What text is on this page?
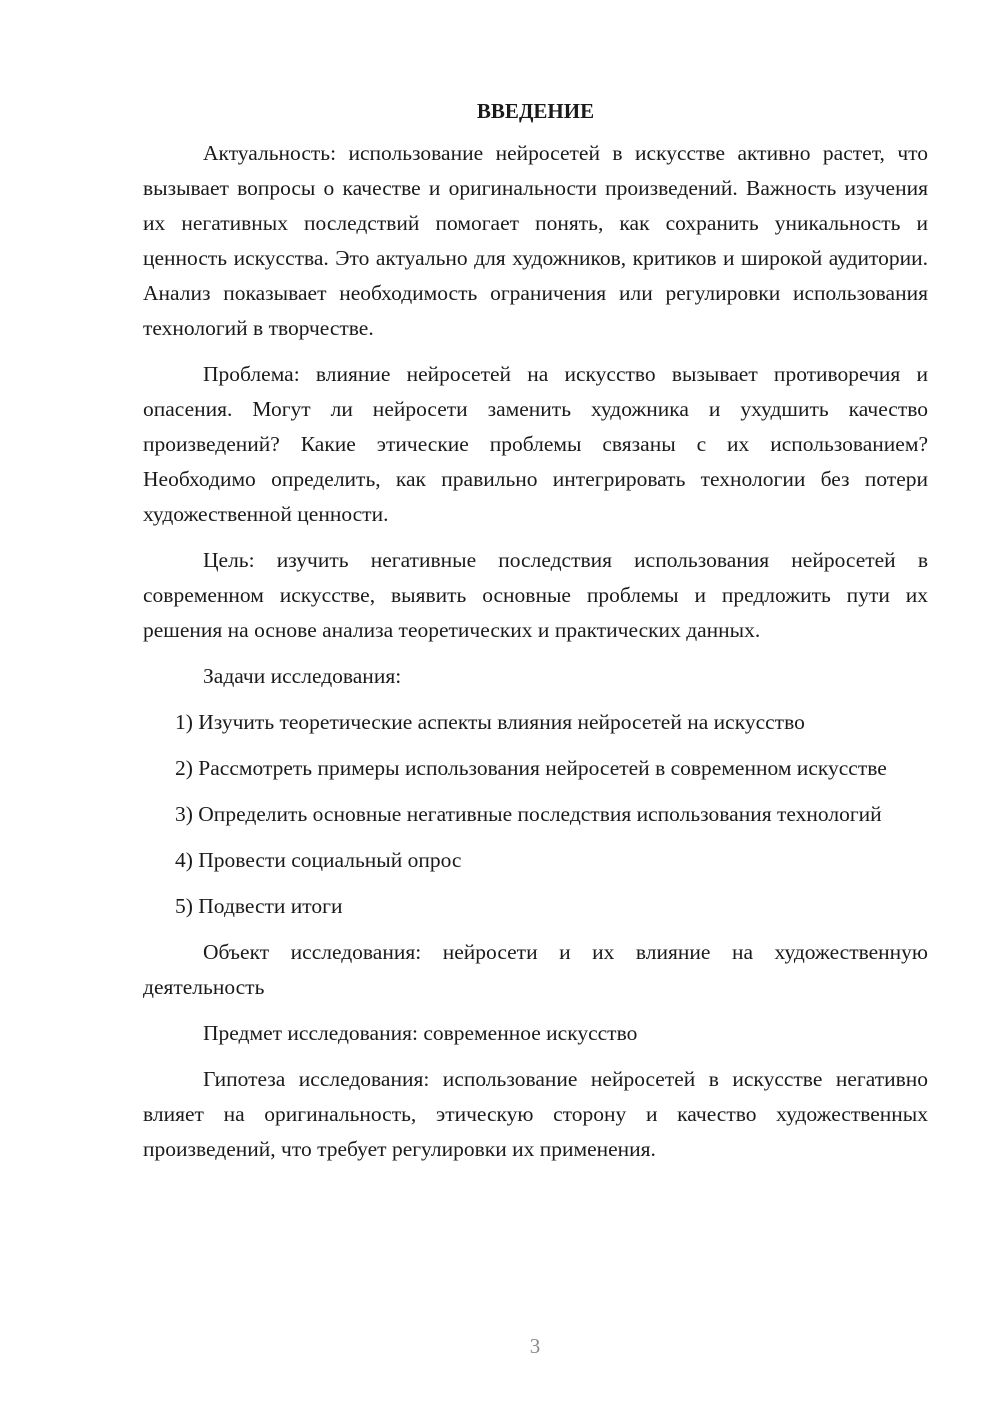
ВВЕДЕНИЕ

Актуальность: использование нейросетей в искусстве активно растет, что вызывает вопросы о качестве и оригинальности произведений. Важность изучения их негативных последствий помогает понять, как сохранить уникальность и ценность искусства. Это актуально для художников, критиков и широкой аудитории. Анализ показывает необходимость ограничения или регулировки использования технологий в творчестве.

Проблема: влияние нейросетей на искусство вызывает противоречия и опасения. Могут ли нейросети заменить художника и ухудшить качество произведений? Какие этические проблемы связаны с их использованием? Необходимо определить, как правильно интегрировать технологии без потери художественной ценности.

Цель: изучить негативные последствия использования нейросетей в современном искусстве, выявить основные проблемы и предложить пути их решения на основе анализа теоретических и практических данных.

Задачи исследования:

1) Изучить теоретические аспекты влияния нейросетей на искусство

2) Рассмотреть примеры использования нейросетей в современном искусстве

3) Определить основные негативные последствия использования технологий

4) Провести социальный опрос

5) Подвести итоги

Объект исследования: нейросети и их влияние на художественную деятельность

Предмет исследования: современное искусство

Гипотеза исследования: использование нейросетей в искусстве негативно влияет на оригинальность, этическую сторону и качество художественных произведений, что требует регулировки их применения.

3
